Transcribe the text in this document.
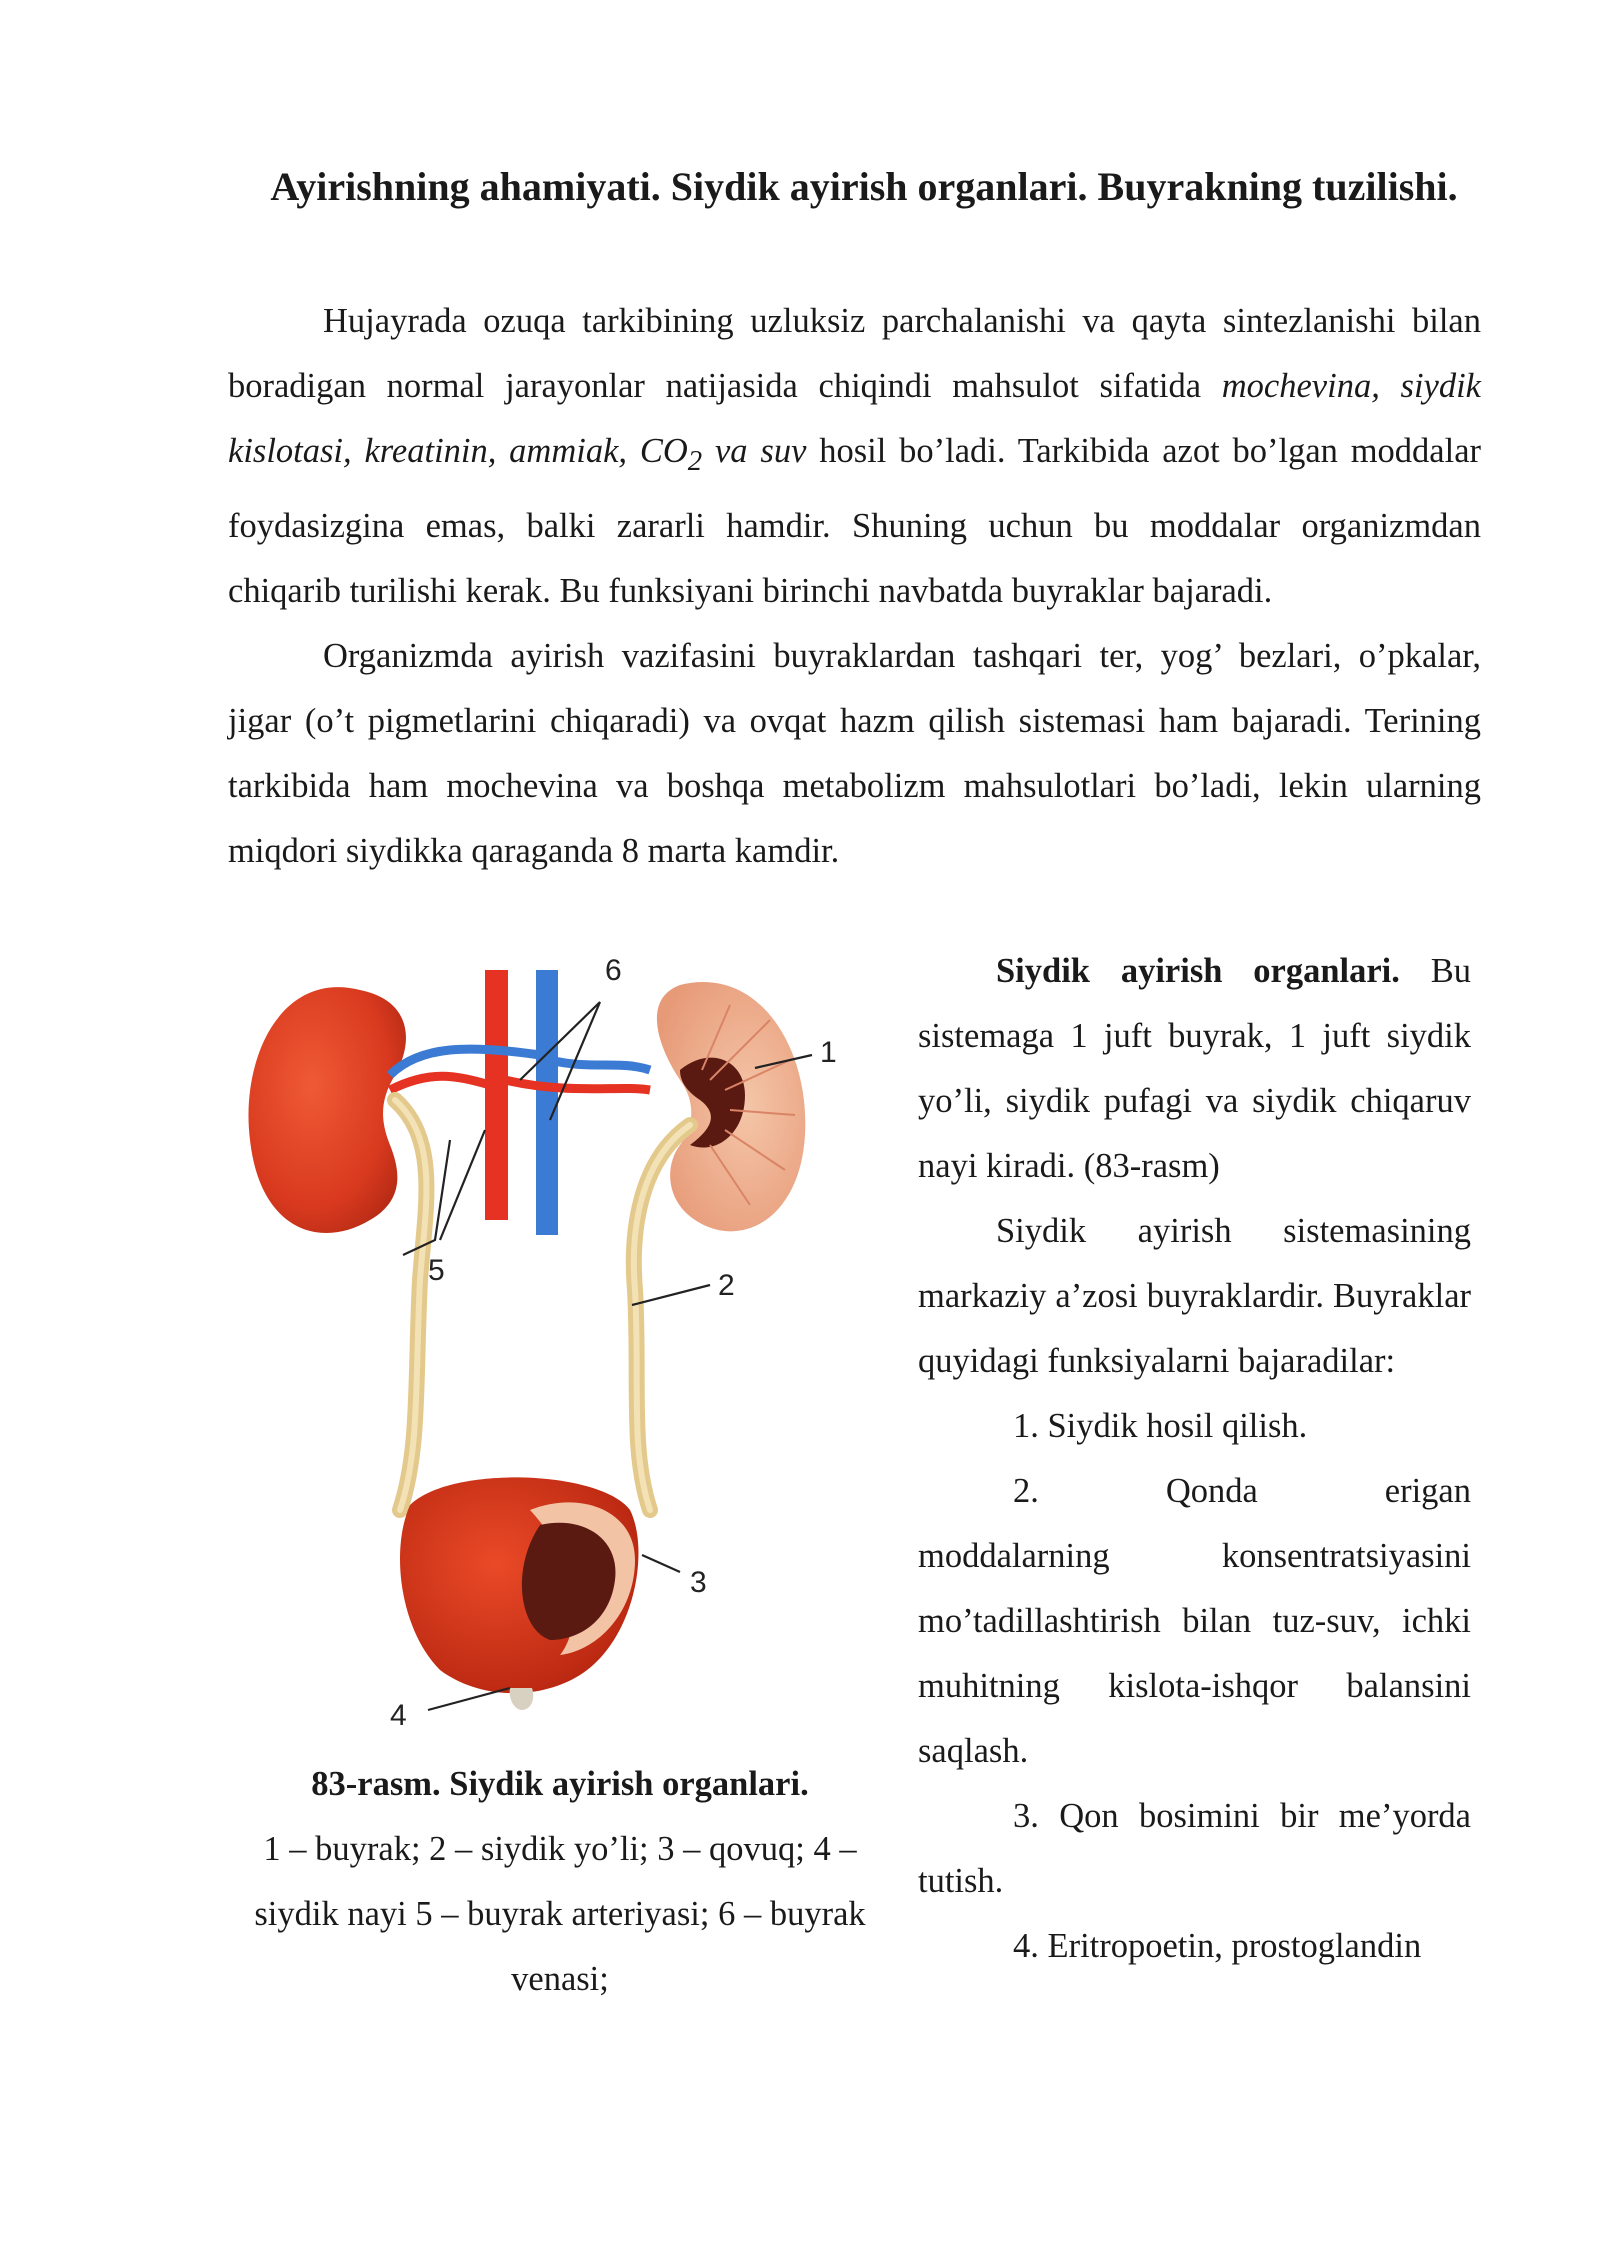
Ayirishning ahamiyati. Siydik ayirish organlari. Buyrakning tuzilishi.

Hujayrada ozuqa tarkibining uzluksiz parchalanishi va qayta sintezlanishi bilan boradigan normal jarayonlar natijasida chiqindi mahsulot sifatida mochevina, siydik kislotasi, kreatinin, ammiak, $CO_2$ va suv hosil bo’ladi. Tarkibida azot bo’lgan moddalar foydasizgina emas, balki zararli hamdir. Shuning uchun bu moddalar organizmdan chiqarib turilishi kerak. Bu funksiyani birinchi navbatda buyraklar bajaradi.

Organizmda ayirish vazifasini buyraklardan tashqari ter, yog’ bezlari, o’pkalar, jigar (o’t pigmetlarini chiqaradi) va ovqat hazm qilish sistemasi ham bajaradi. Terining tarkibida ham mochevina va boshqa metabolizm mahsulotlari bo’ladi, lekin ularning miqdori siydikka qaraganda 8 marta kamdir.

6
1
2
5
3
4
83-rasm. Siydik ayirish organlari.
1 – buyrak; 2 – siydik yo’li; 3 – qovuq; 4 – siydik nayi 5 – buyrak arteriyasi; 6 – buyrak venasi;

Siydik ayirish organlari. Bu sistemaga 1 juft buyrak, 1 juft siydik yo’li, siydik pufagi va siydik chiqaruv nayi kiradi. (83-rasm)

Siydik ayirish sistemasining markaziy a’zosi buyraklardir. Buyraklar quyidagi funksiyalarni bajaradilar:

1. Siydik hosil qilish.

2.	Qonda	erigan
moddalarning konsentratsiyasini mo’tadillashtirish bilan tuz-suv, ichki muhitning kislota-ishqor balansini saqlash.

3. Qon bosimini bir me’yorda tutish.

4. Eritropoetin, prostoglandin
